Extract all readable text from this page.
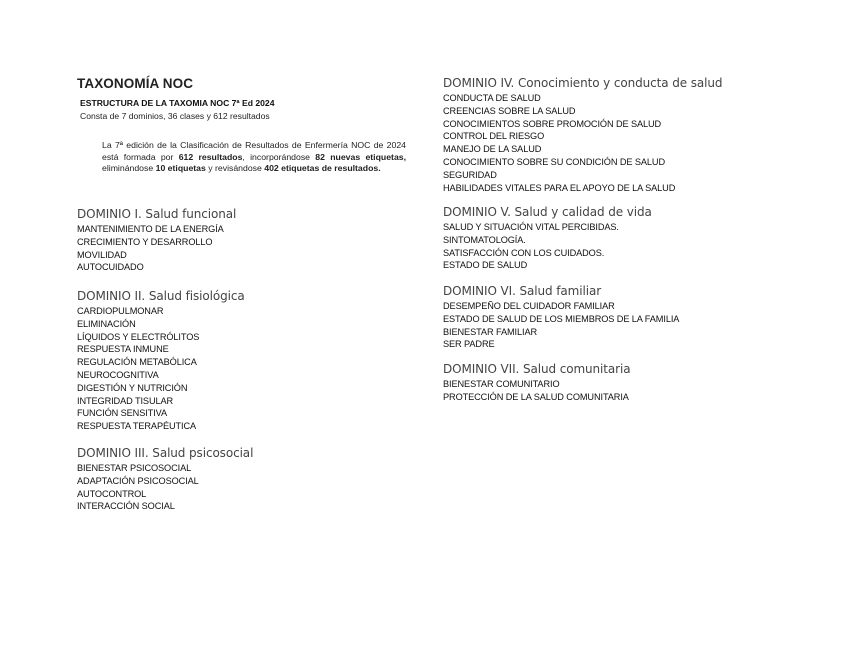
TAXONOMÍA NOC
ESTRUCTURA DE LA TAXOMIA NOC 7ª Ed 2024
Consta de 7 dominios, 36 clases y 612 resultados
La 7ª edición de la Clasificación de Resultados de Enfermería NOC de 2024 está formada por 612 resultados, incorporándose 82 nuevas etiquetas, eliminándose 10 etiquetas y revisándose 402 etiquetas de resultados.
DOMINIO I. Salud funcional
MANTENIMIENTO DE LA ENERGÍA
CRECIMIENTO Y DESARROLLO
MOVILIDAD
AUTOCUIDADO
DOMINIO II. Salud fisiológica
CARDIOPULMONAR
ELIMINACIÓN
LÍQUIDOS Y ELECTRÓLITOS
RESPUESTA INMUNE
REGULACIÓN METABÓLICA
NEUROCOGNITIVA
DIGESTIÓN Y NUTRICIÓN
INTEGRIDAD TISULAR
FUNCIÓN SENSITIVA
RESPUESTA TERAPÉUTICA
DOMINIO III. Salud psicosocial
BIENESTAR PSICOSOCIAL
ADAPTACIÓN PSICOSOCIAL
AUTOCONTROL
INTERACCIÓN SOCIAL
DOMINIO IV. Conocimiento y conducta de salud
CONDUCTA DE SALUD
CREENCIAS SOBRE LA SALUD
CONOCIMIENTOS SOBRE PROMOCIÓN DE SALUD
CONTROL DEL RIESGO
MANEJO DE LA SALUD
CONOCIMIENTO SOBRE SU CONDICIÓN DE SALUD
SEGURIDAD
HABILIDADES VITALES PARA EL APOYO DE LA SALUD
DOMINIO V. Salud y calidad de vida
SALUD Y SITUACIÓN VITAL PERCIBIDAS.
SINTOMATOLOGÍA.
SATISFACCIÓN CON LOS CUIDADOS.
ESTADO DE SALUD
DOMINIO VI. Salud familiar
DESEMPEÑO DEL CUIDADOR FAMILIAR
ESTADO DE SALUD DE LOS MIEMBROS DE LA FAMILIA
BIENESTAR FAMILIAR
SER PADRE
DOMINIO VII. Salud comunitaria
BIENESTAR COMUNITARIO
PROTECCIÓN DE LA SALUD COMUNITARIA
